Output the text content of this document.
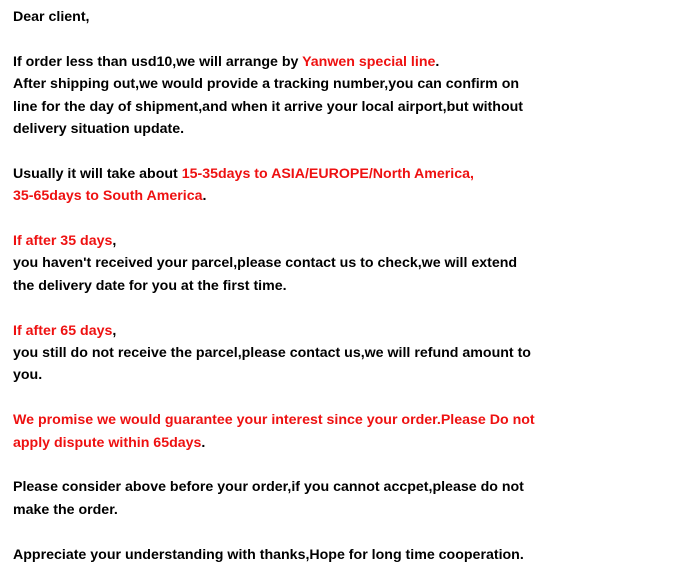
Dear client,

If order less than usd10,we will arrange by Yanwen special line.
After shipping out,we would provide a tracking number,you can confirm on
line for the day of shipment,and when it arrive your local airport,but without
delivery situation update.

Usually it will take about 15-35days to ASIA/EUROPE/North America,
35-65days to South America.

If after 35 days,
you haven't received your parcel,please contact us to check,we will extend
the delivery date for you at the first time.

If after 65 days,
you still do not receive the parcel,please contact us,we will refund amount to
you.

We promise we would guarantee your interest since your order.Please Do not
apply dispute within 65days.

Please consider above before your order,if you cannot accpet,please do not
make the order.

Appreciate your understanding with thanks,Hope for long time cooperation.
